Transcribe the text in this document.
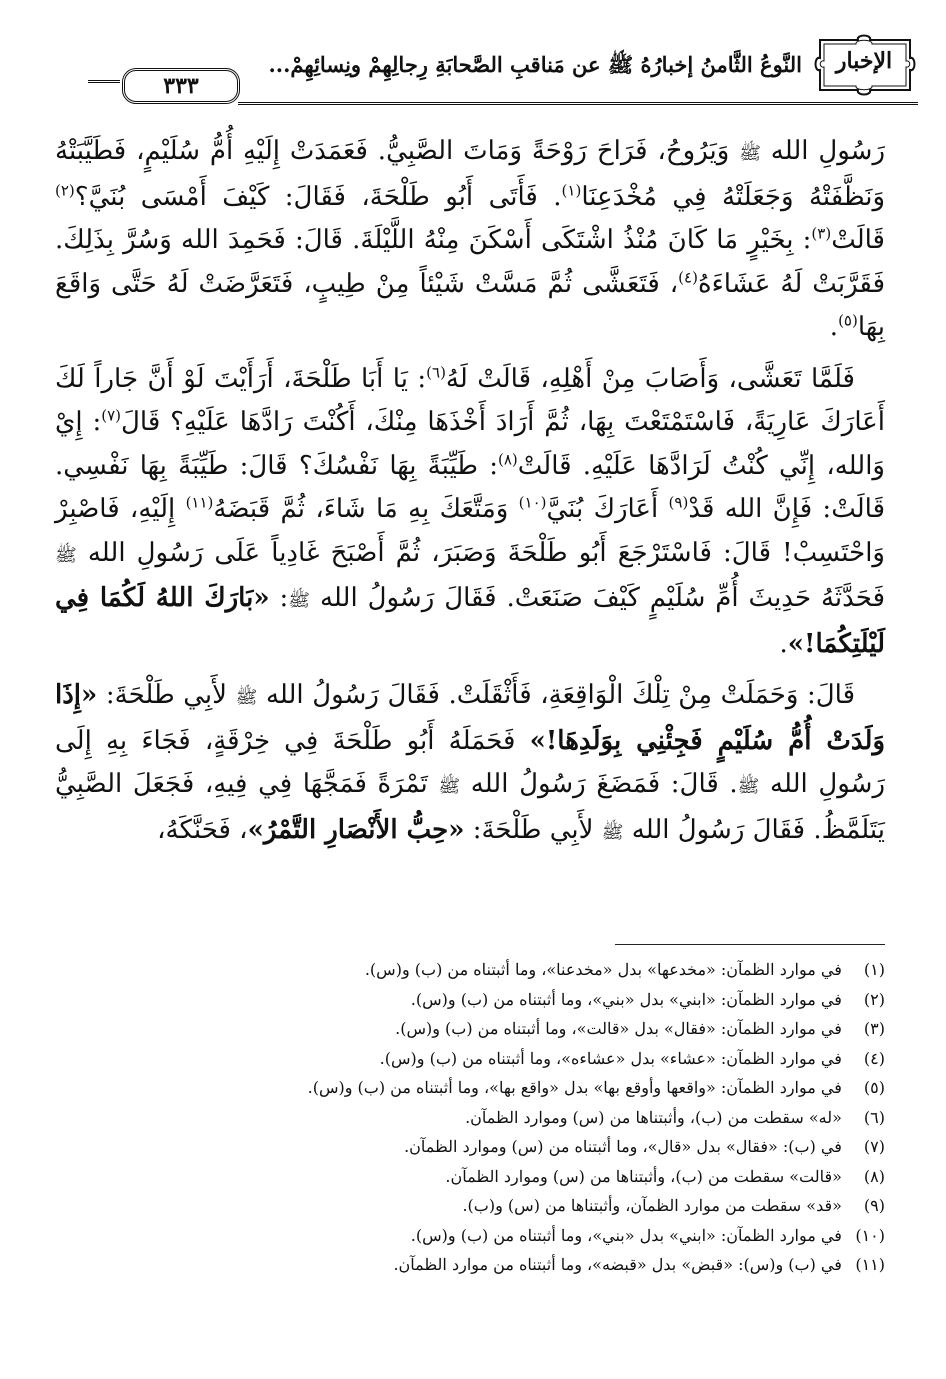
الإخبار
النَّوعُ الثَّامنُ إخبارُهُ ﷺ عن مَناقبِ الصَّحابَةِ رِجالِهِمْ ونِسائِهِمْ...
٣٣٣

رَسُولِ الله ﷺ وَيَرُوحُ، فَرَاحَ رَوْحَةً وَمَاتَ الصَّبِيُّ. فَعَمَدَتْ إِلَيْهِ أُمُّ سُلَيْمٍ، فَطَيَّبَتْهُ وَنَظَّفَتْهُ وَجَعَلَتْهُ فِي مُخْدَعِنَا$^{(١)}$. فَأَتَى أَبُو طَلْحَةَ، فَقَالَ: كَيْفَ أَمْسَى بُنَيَّ؟$^{(٢)}$ قَالَتْ$^{(٣)}$: بِخَيْرٍ مَا كَانَ مُنْذُ اشْتَكَى أَسْكَنَ مِنْهُ اللَّيْلَةَ. قَالَ: فَحَمِدَ الله وَسُرَّ بِذَلِكَ. فَقَرَّبَتْ لَهُ عَشَاءَهُ$^{(٤)}$، فَتَعَشَّى ثُمَّ مَسَّتْ شَيْئاً مِنْ طِيبٍ، فَتَعَرَّضَتْ لَهُ حَتَّى وَاقَعَ بِهَا$^{(٥)}$.

فَلَمَّا تَعَشَّى، وَأَصَابَ مِنْ أَهْلِهِ، قَالَتْ لَهُ$^{(٦)}$: يَا أَبَا طَلْحَةَ، أَرَأَيْتَ لَوْ أَنَّ جَاراً لَكَ أَعَارَكَ عَارِيَةً، فَاسْتَمْتَعْتَ بِهَا، ثُمَّ أَرَادَ أَخْذَهَا مِنْكَ، أَكُنْتَ رَادَّهَا عَلَيْهِ؟ قَالَ$^{(٧)}$: إِيْ وَالله، إِنِّي كُنْتُ لَرَادَّهَا عَلَيْهِ. قَالَتْ$^{(٨)}$: طَيِّبَةً بِهَا نَفْسُكَ؟ قَالَ: طَيِّبَةً بِهَا نَفْسِي. قَالَتْ: فَإِنَّ الله قَدْ$^{(٩)}$ أَعَارَكَ بُنَيَّ$^{(١٠)}$ وَمَتَّعَكَ بِهِ مَا شَاءَ، ثُمَّ قَبَضَهُ$^{(١١)}$ إِلَيْهِ، فَاصْبِرْ وَاحْتَسِبْ! قَالَ: فَاسْتَرْجَعَ أَبُو طَلْحَةَ وَصَبَرَ، ثُمَّ أَصْبَحَ غَادِياً عَلَى رَسُولِ الله ﷺ فَحَدَّثَهُ حَدِيثَ أُمِّ سُلَيْمٍ كَيْفَ صَنَعَتْ. فَقَالَ رَسُولُ الله ﷺ: «بَارَكَ اللهُ لَكُمَا فِي لَيْلَتِكُمَا!».

قَالَ: وَحَمَلَتْ مِنْ تِلْكَ الْوَاقِعَةِ، فَأَثْقَلَتْ. فَقَالَ رَسُولُ الله ﷺ لأَبِي طَلْحَةَ: «إِذَا وَلَدَتْ أُمُّ سُلَيْمٍ فَجِئْنِي بِوَلَدِهَا!» فَحَمَلَهُ أَبُو طَلْحَةَ فِي خِرْقَةٍ، فَجَاءَ بِهِ إِلَى رَسُولِ الله ﷺ. قَالَ: فَمَضَغَ رَسُولُ الله ﷺ تَمْرَةً فَمَجَّهَا فِي فِيهِ، فَجَعَلَ الصَّبِيُّ يَتَلَمَّظُ. فَقَالَ رَسُولُ الله ﷺ لأَبِي طَلْحَةَ: «حِبُّ الأَنْصَارِ التَّمْرُ»، فَحَنَّكَهُ،

(١) في موارد الظمآن: «مخدعها» بدل «مخدعنا»، وما أثبتناه من (ب) و(س).
(٢) في موارد الظمآن: «ابني» بدل «بني»، وما أثبتناه من (ب) و(س).
(٣) في موارد الظمآن: «فقال» بدل «قالت»، وما أثبتناه من (ب) و(س).
(٤) في موارد الظمآن: «عشاء» بدل «عشاءه»، وما أثبتناه من (ب) و(س).
(٥) في موارد الظمآن: «واقعها وأوقع بها» بدل «واقع بها»، وما أثبتناه من (ب) و(س).
(٦) «له» سقطت من (ب)، وأثبتناها من (س) وموارد الظمآن.
(٧) في (ب): «فقال» بدل «قال»، وما أثبتناه من (س) وموارد الظمآن.
(٨) «قالت» سقطت من (ب)، وأثبتناها من (س) وموارد الظمآن.
(٩) «قد» سقطت من موارد الظمآن، وأثبتناها من (س) و(ب).
(١٠) في موارد الظمآن: «ابني» بدل «بني»، وما أثبتناه من (ب) و(س).
(١١) في (ب) و(س): «قبض» بدل «قبضه»، وما أثبتناه من موارد الظمآن.
